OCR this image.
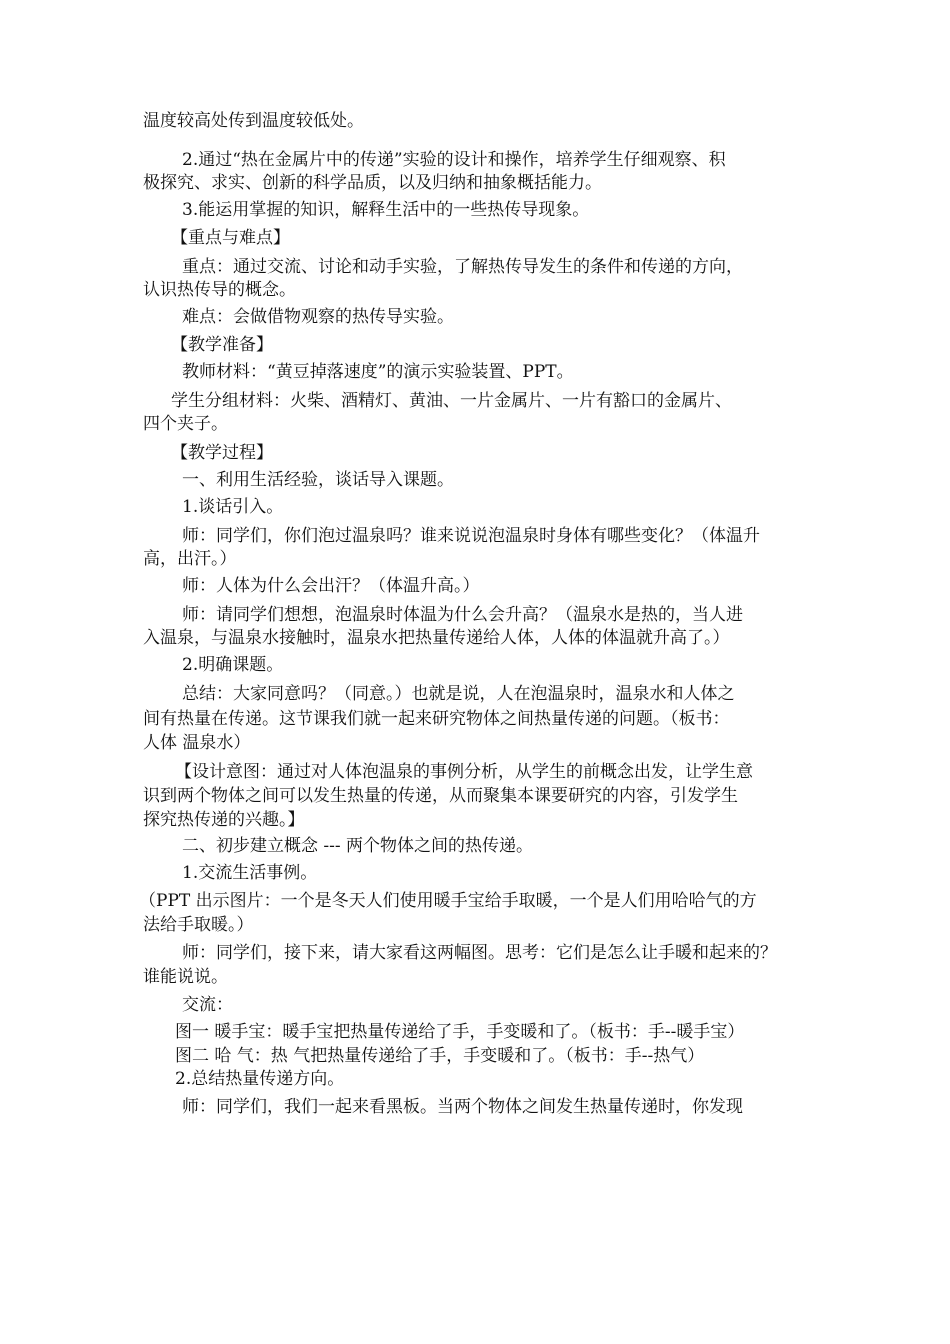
温度较高处传到温度较低处。
2.通过“热在金属片中的传递”实验的设计和操作，培养学生仔细观察、积
极探究、求实、创新的科学品质，以及归纳和抽象概括能力。
3.能运用掌握的知识，解释生活中的一些热传导现象。
【重点与难点】
重点：通过交流、讨论和动手实验，了解热传导发生的条件和传递的方向，
认识热传导的概念。
难点：会做借物观察的热传导实验。
【教学准备】
教师材料：“黄豆掉落速度”的演示实验装置、PPT。
学生分组材料：火柴、酒精灯、黄油、一片金属片、一片有豁口的金属片、
四个夹子。
【教学过程】
一、利用生活经验，谈话导入课题。
1.谈话引入。
师：同学们，你们泡过温泉吗？谁来说说泡温泉时身体有哪些变化？（体温升
高，出汗。）
师：人体为什么会出汗？（体温升高。）
师：请同学们想想，泡温泉时体温为什么会升高？（温泉水是热的，当人进
入温泉，与温泉水接触时，温泉水把热量传递给人体，人体的体温就升高了。）
2.明确课题。
总结：大家同意吗？（同意。）也就是说，人在泡温泉时，温泉水和人体之
间有热量在传递。这节课我们就一起来研究物体之间热量传递的问题。（板书：
人体 温泉水）
【设计意图：通过对人体泡温泉的事例分析，从学生的前概念出发，让学生意
识到两个物体之间可以发生热量的传递，从而聚集本课要研究的内容，引发学生
探究热传递的兴趣。】
二、初步建立概念 --- 两个物体之间的热传递。
1.交流生活事例。
（PPT 出示图片：一个是冬天人们使用暖手宝给手取暖，一个是人们用哈哈气的方
法给手取暖。）
师：同学们，接下来，请大家看这两幅图。思考：它们是怎么让手暖和起来的？
谁能说说。
交流：
图一 暖手宝：暖手宝把热量传递给了手，手变暖和了。（板书：手--暖手宝）
图二 哈 气：热 气把热量传递给了手，手变暖和了。（板书：手--热气）
2.总结热量传递方向。
师：同学们，我们一起来看黑板。当两个物体之间发生热量传递时，你发现
